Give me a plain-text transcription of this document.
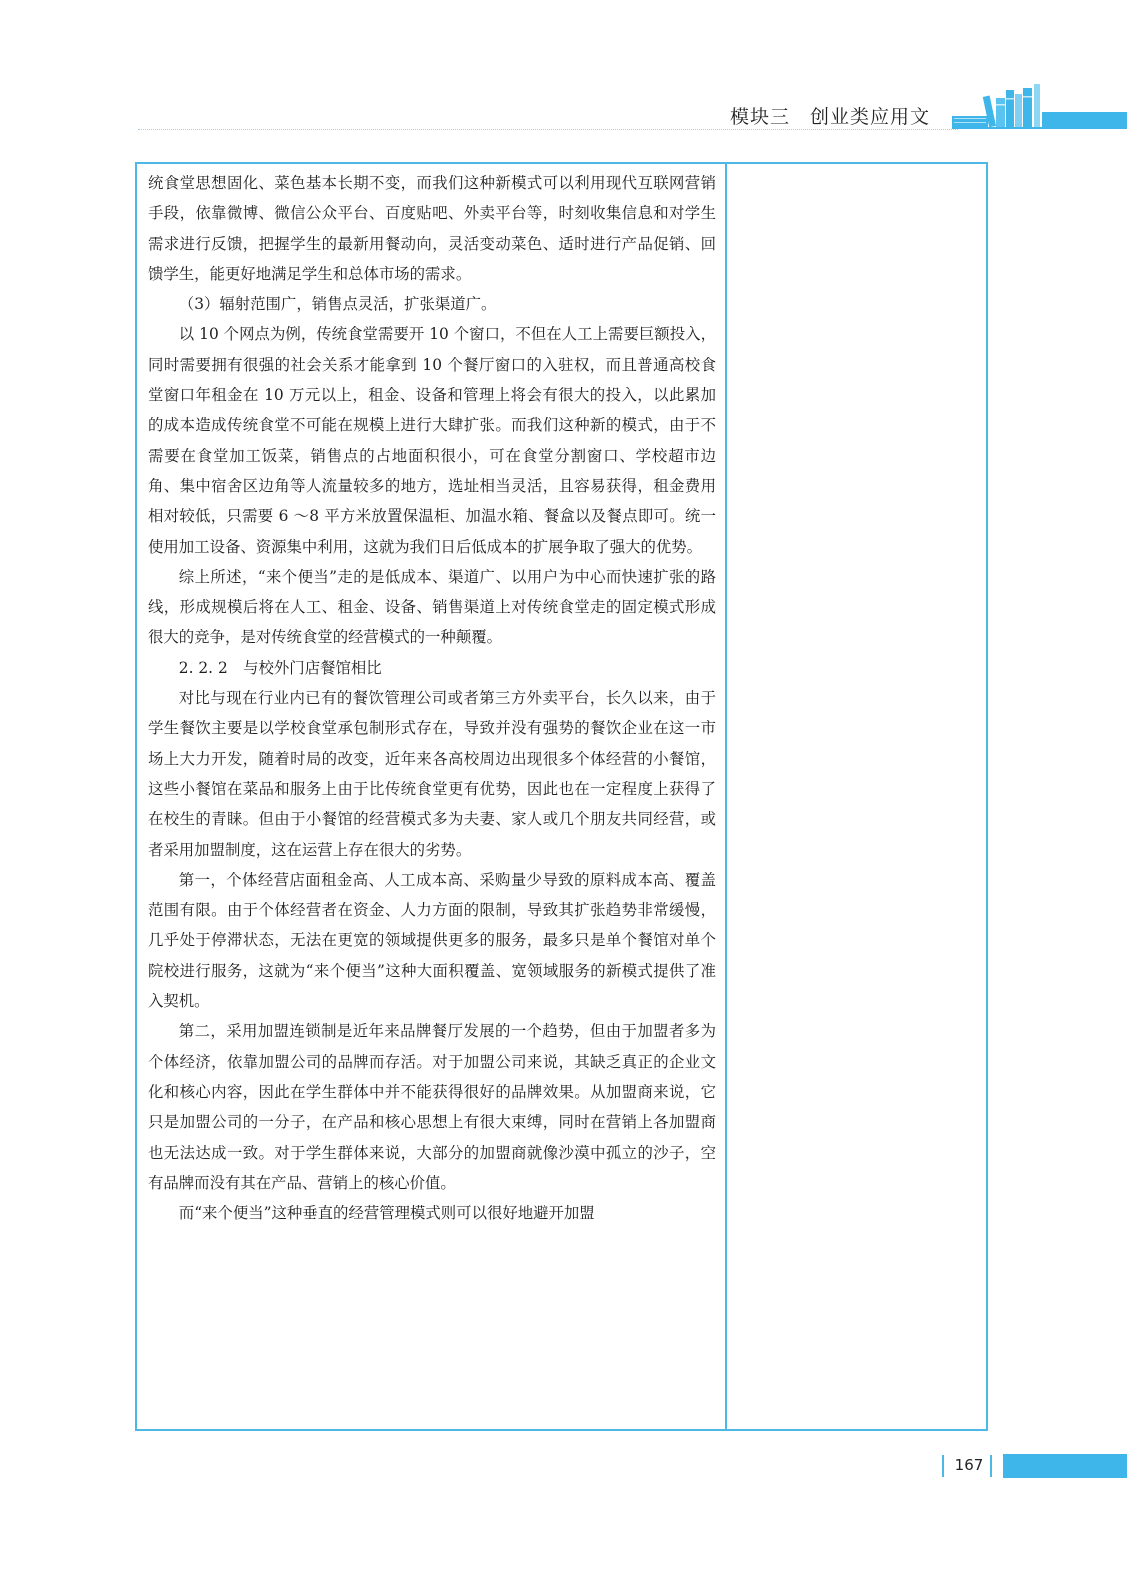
模块三　创业类应用文

统食堂思想固化、菜色基本长期不变，而我们这种新模式可以利用现代互联网营销手段，依靠微博、微信公众平台、百度贴吧、外卖平台等，时刻收集信息和对学生需求进行反馈，把握学生的最新用餐动向，灵活变动菜色、适时进行产品促销、回馈学生，能更好地满足学生和总体市场的需求。

（3）辐射范围广，销售点灵活，扩张渠道广。

以 10 个网点为例，传统食堂需要开 10 个窗口，不但在人工上需要巨额投入，同时需要拥有很强的社会关系才能拿到 10 个餐厅窗口的入驻权，而且普通高校食堂窗口年租金在 10 万元以上，租金、设备和管理上将会有很大的投入，以此累加的成本造成传统食堂不可能在规模上进行大肆扩张。而我们这种新的模式，由于不需要在食堂加工饭菜，销售点的占地面积很小，可在食堂分割窗口、学校超市边角、集中宿舍区边角等人流量较多的地方，选址相当灵活，且容易获得，租金费用相对较低，只需要 6 ～8 平方米放置保温柜、加温水箱、餐盒以及餐点即可。统一使用加工设备、资源集中利用，这就为我们日后低成本的扩展争取了强大的优势。

综上所述，“来个便当”走的是低成本、渠道广、以用户为中心而快速扩张的路线，形成规模后将在人工、租金、设备、销售渠道上对传统食堂走的固定模式形成很大的竞争，是对传统食堂的经营模式的一种颠覆。

2. 2. 2　与校外门店餐馆相比

对比与现在行业内已有的餐饮管理公司或者第三方外卖平台，长久以来，由于学生餐饮主要是以学校食堂承包制形式存在，导致并没有强势的餐饮企业在这一市场上大力开发，随着时局的改变，近年来各高校周边出现很多个体经营的小餐馆，这些小餐馆在菜品和服务上由于比传统食堂更有优势，因此也在一定程度上获得了在校生的青睐。但由于小餐馆的经营模式多为夫妻、家人或几个朋友共同经营，或者采用加盟制度，这在运营上存在很大的劣势。

第一，个体经营店面租金高、人工成本高、采购量少导致的原料成本高、覆盖范围有限。由于个体经营者在资金、人力方面的限制，导致其扩张趋势非常缓慢，几乎处于停滞状态，无法在更宽的领域提供更多的服务，最多只是单个餐馆对单个院校进行服务，这就为“来个便当”这种大面积覆盖、宽领域服务的新模式提供了准入契机。

第二，采用加盟连锁制是近年来品牌餐厅发展的一个趋势，但由于加盟者多为个体经济，依靠加盟公司的品牌而存活。对于加盟公司来说，其缺乏真正的企业文化和核心内容，因此在学生群体中并不能获得很好的品牌效果。从加盟商来说，它只是加盟公司的一分子，在产品和核心思想上有很大束缚，同时在营销上各加盟商也无法达成一致。对于学生群体来说，大部分的加盟商就像沙漠中孤立的沙子，空有品牌而没有其在产品、营销上的核心价值。

而“来个便当”这种垂直的经营管理模式则可以很好地避开加盟

167
